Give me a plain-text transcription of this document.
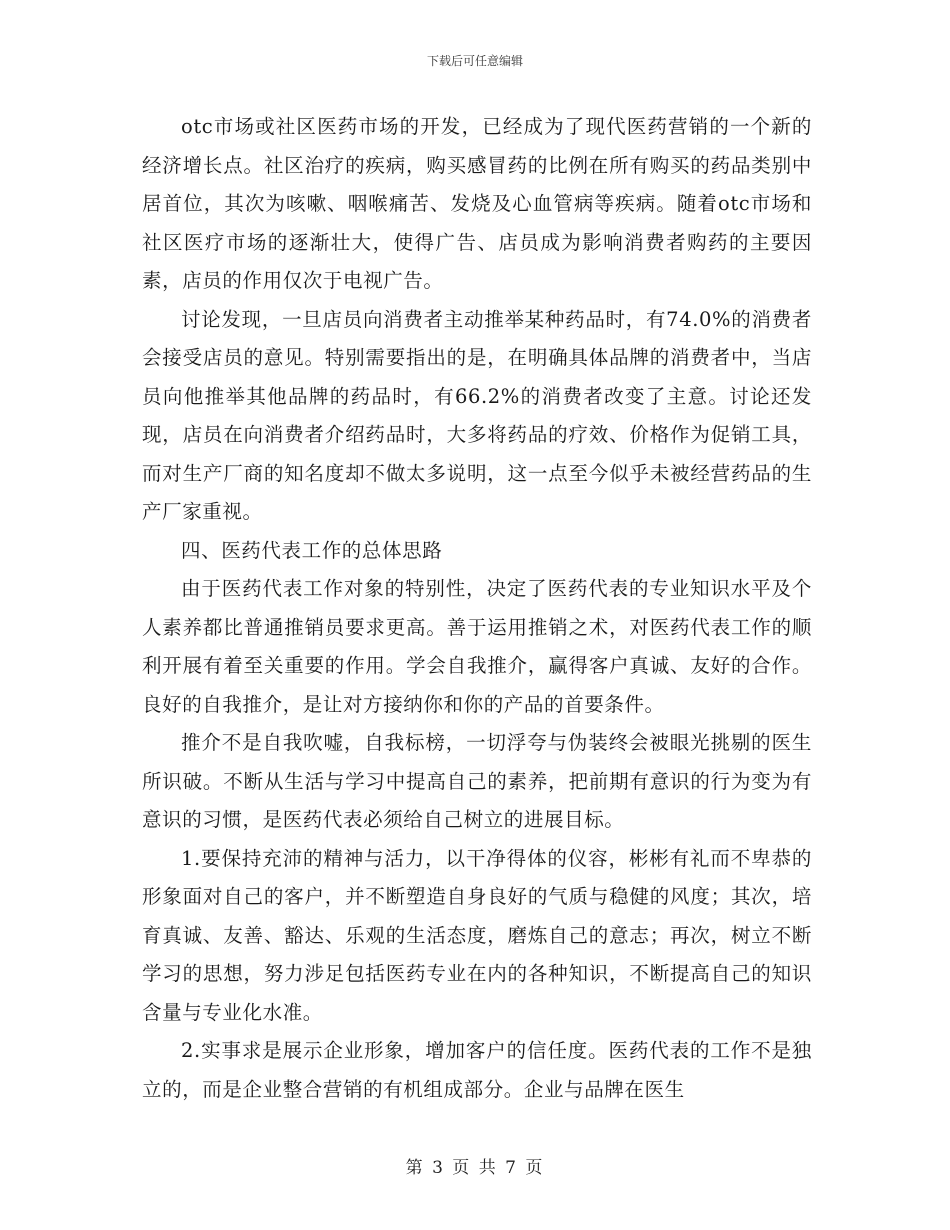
下载后可任意编辑

otc市场或社区医药市场的开发，已经成为了现代医药营销的一个新的经济增长点。社区治疗的疾病，购买感冒药的比例在所有购买的药品类别中居首位，其次为咳嗽、咽喉痛苦、发烧及心血管病等疾病。随着otc市场和社区医疗市场的逐渐壮大，使得广告、店员成为影响消费者购药的主要因素，店员的作用仅次于电视广告。

讨论发现，一旦店员向消费者主动推举某种药品时，有74.0%的消费者会接受店员的意见。特别需要指出的是，在明确具体品牌的消费者中，当店员向他推举其他品牌的药品时，有66.2%的消费者改变了主意。讨论还发现，店员在向消费者介绍药品时，大多将药品的疗效、价格作为促销工具，而对生产厂商的知名度却不做太多说明，这一点至今似乎未被经营药品的生产厂家重视。

四、医药代表工作的总体思路

由于医药代表工作对象的特别性，决定了医药代表的专业知识水平及个人素养都比普通推销员要求更高。善于运用推销之术，对医药代表工作的顺利开展有着至关重要的作用。学会自我推介，赢得客户真诚、友好的合作。良好的自我推介，是让对方接纳你和你的产品的首要条件。

推介不是自我吹嘘，自我标榜，一切浮夸与伪装终会被眼光挑剔的医生所识破。不断从生活与学习中提高自己的素养，把前期有意识的行为变为有意识的习惯，是医药代表必须给自己树立的进展目标。

1.要保持充沛的精神与活力，以干净得体的仪容，彬彬有礼而不卑恭的形象面对自己的客户，并不断塑造自身良好的气质与稳健的风度；其次，培育真诚、友善、豁达、乐观的生活态度，磨炼自己的意志；再次，树立不断学习的思想，努力涉足包括医药专业在内的各种知识，不断提高自己的知识含量与专业化水准。

2.实事求是展示企业形象，增加客户的信任度。医药代表的工作不是独立的，而是企业整合营销的有机组成部分。企业与品牌在医生

第 3 页 共 7 页
